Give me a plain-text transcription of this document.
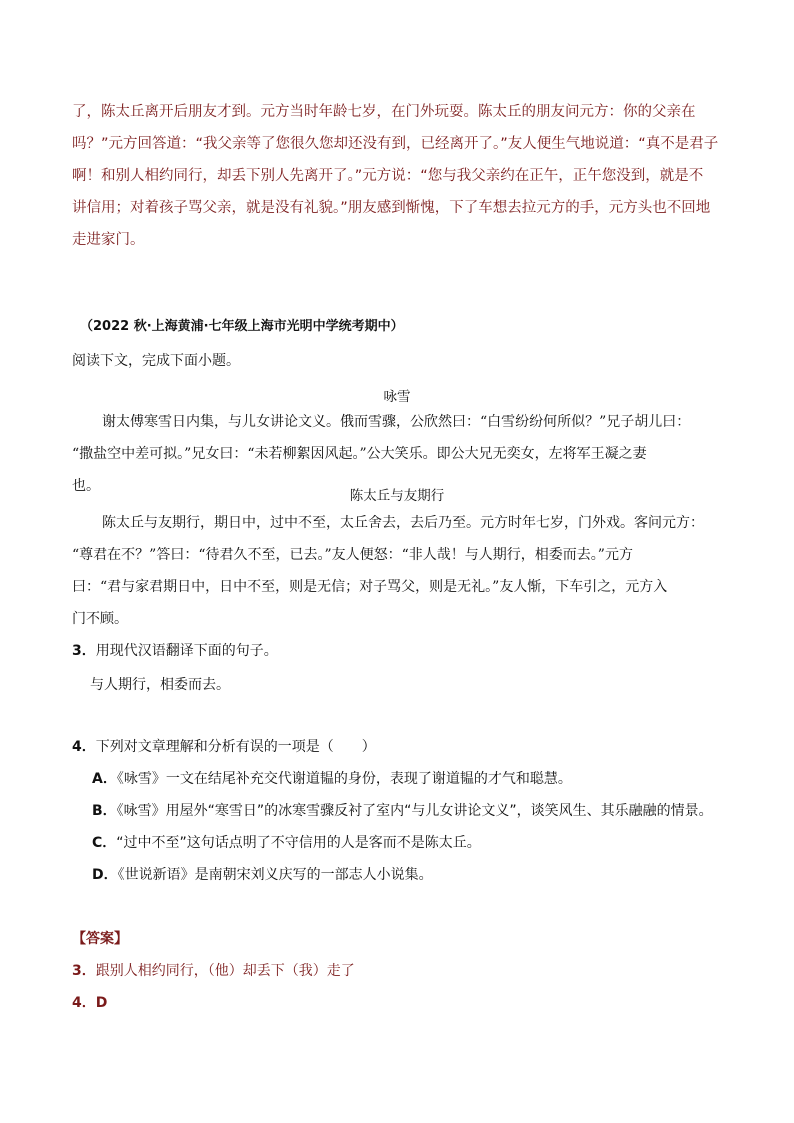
了，陈太丘离开后朋友才到。元方当时年龄七岁，在门外玩耍。陈太丘的朋友问元方：你的父亲在
吗？”元方回答道：“我父亲等了您很久您却还没有到，已经离开了。”友人便生气地说道：“真不是君子
啊！和别人相约同行，却丢下别人先离开了。”元方说：“您与我父亲约在正午，正午您没到，就是不
讲信用；对着孩子骂父亲，就是没有礼貌。”朋友感到惭愧，下了车想去拉元方的手，元方头也不回地
走进家门。
（2022 秋·上海黄浦·七年级上海市光明中学统考期中）
阅读下文，完成下面小题。
咏雪
谢太傅寒雪日内集，与儿女讲论文义。俄而雪骤，公欣然曰：“白雪纷纷何所似？”兄子胡儿曰：
“撒盐空中差可拟。”兄女曰：“未若柳絮因风起。”公大笑乐。即公大兄无奕女，左将军王凝之妻
也。
陈太丘与友期行
陈太丘与友期行，期日中，过中不至，太丘舍去，去后乃至。元方时年七岁，门外戏。客问元方：
“尊君在不？”答曰：“待君久不至，已去。”友人便怒：“非人哉！与人期行，相委而去。”元方
曰：“君与家君期日中，日中不至，则是无信；对子骂父，则是无礼。”友人惭，下车引之，元方入
门不顾。
3．用现代汉语翻译下面的句子。
与人期行，相委而去。
4．下列对文章理解和分析有误的一项是（　　）
A．《咏雪》一文在结尾补充交代谢道韫的身份，表现了谢道韫的才气和聪慧。
B．《咏雪》用屋外“寒雪日”的冰寒雪骤反衬了室内“与儿女讲论文义”，谈笑风生、其乐融融的情景。
C．“过中不至”这句话点明了不守信用的人是客而不是陈太丘。
D．《世说新语》是南朝宋刘义庆写的一部志人小说集。
【答案】
3．跟别人相约同行，（他）却丢下（我）走了
4．D
